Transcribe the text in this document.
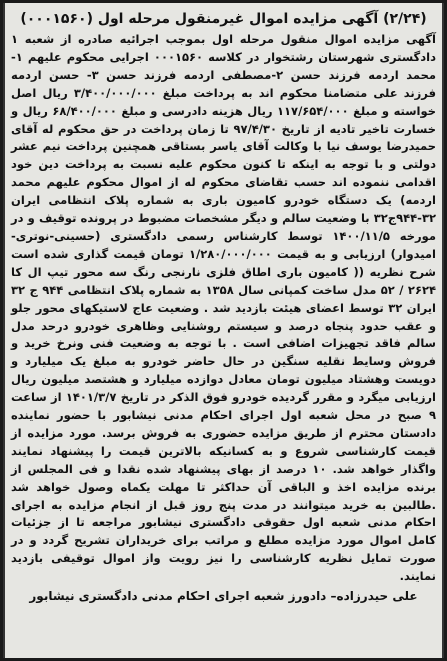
(۲/۲۴) آگهی مزایده اموال غیرمنقول مرحله اول (۰۰۰۱۵۶۰)

آگهی مزایده اموال منقول مرحله اول بموجب اجرائیه صادره از شعبه ۱ دادگستری شهرستان رشتخوار در کلاسه ۰۰۰۱۵۶۰ اجرایی محکوم علیهم ۱-محمد اردمه فرزند حسن ۲-مصطفی اردمه فرزند حسن ۳- حسن اردمه فرزند علی متضامنا محکوم اند به پرداخت مبلغ ۳/۴۰۰/۰۰۰/۰۰۰ ریال اصل خواسته و مبلغ ۱۱۷/۶۵۴/۰۰۰ ریال هزینه دادرسی و مبلغ ۶۸/۴۰۰/۰۰۰ ریال و خسارت تاخیر تادیه از تاریخ ۹۷/۴/۳۰ تا زمان پرداخت در حق محکوم له آقای حمیدرضا یوسف نیا با وکالت آقای یاسر بستاقی همچنین پرداخت نیم عشر دولتی و با توجه به اینکه تا کنون محکوم علیه نسبت به پرداخت دین خود اقدامی ننموده اند حسب تقاضای محکوم له از اموال محکوم علیهم محمد اردمه) یک دستگاه خودرو کامیون باری به شماره پلاک انتظامی ایران ۳۲-۹۴۴ج۳۲ با وضعیت سالم و دیگر مشخصات مضبوط در پرونده توقیف و در مورخه ۱۴۰۰/۱۱/۵ توسط کارشناس رسمی دادگستری (حسینی-نوتری-امیدوار) ارزیابی و به قیمت ۱/۲۸۰/۰۰۰/۰۰۰ تومان قیمت گذاری شده است شرح نظریه (( کامیون باری اطاق فلزی نارنجی رنگ سه محور تیپ ال کا ۲۶۲۴ / ۵۲ مدل ساخت کمپانی سال ۱۳۵۸ به شماره پلاک انتظامی ۹۴۴ ج ۳۲ ایران ۳۲ توسط اعضای هیئت بازدید شد . وضعیت عاج لاستیکهای محور جلو و عقب حدود پنجاه درصد و سیستم روشنایی وظاهری خودرو درحد مدل سالم فاقد تجهیزات اضافی است . با توجه به وضعیت فنی ونرخ خرید و فروش وسایط نقلیه سنگین در حال حاضر خودرو به مبلغ یک میلیارد و دویست وهشتاد میلیون تومان معادل دوازده میلیارد و هشتصد میلیون ریال ارزیابی میگرد و مقرر گردیده خودرو فوق الذکر در تاریخ ۱۴۰۱/۳/۷ از ساعت ۹ صبح در محل شعبه اول اجرای احکام مدنی نیشابور با حضور نماینده دادستان محترم از طریق مزایده حضوری به فروش برسد. مورد مزایده از قیمت کارشناسی شروع و به کسانیکه بالاترین قیمت را پیشنهاد نمایند واگذار خواهد شد. ۱۰ درصد از بهای پیشنهاد شده نقدا و فی المجلس از برنده مزایده اخذ و الباقی آن حداکثر تا مهلت یکماه وصول خواهد شد .طالبین به خرید میتوانند در مدت پنج روز قبل از انجام مزایده به اجرای احکام مدنی شعبه اول حقوقی دادگستری نیشابور مراجعه تا از جزئیات کامل اموال مورد مزایده مطلع و مراتب برای خریداران تشریح گردد و در صورت تمایل نظریه کارشناسی را نیز رویت واز اموال توقیفی بازدید نمایند.

علی حیدرزاده– دادورز شعبه اجرای احکام مدنی دادگستری نیشابور
